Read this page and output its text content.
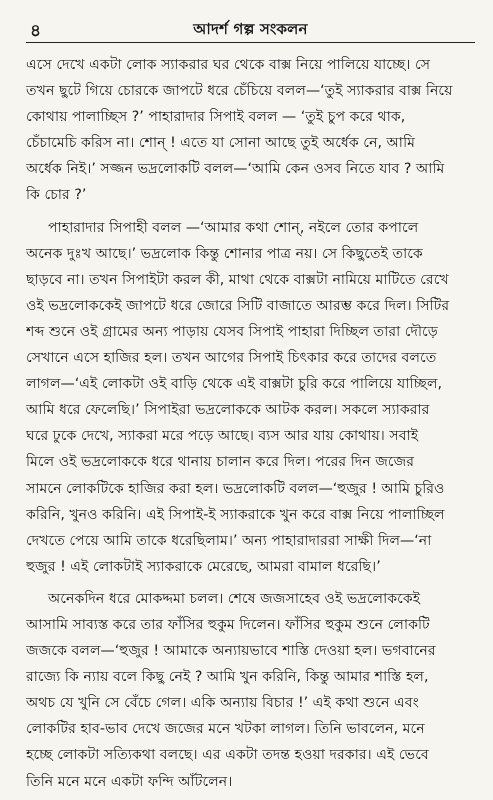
৪	আদর্শ গল্প সংকলন
এসে দেখে একটা লোক স্যাকরার ঘর থেকে বাক্স নিয়ে পালিয়ে যাচ্ছে। সে
তখন ছুটে গিয়ে চোরকে জাপটে ধরে চেঁচিয়ে বলল—‘তুই স্যাকরার বাক্স নিয়ে
কোথায় পালাচ্ছিস ?’ পাহারাদার সিপাই বলল — ‘তুই চুপ করে থাক,
চেঁচামেচি করিস না। শোন্ ! এতে যা সোনা আছে তুই অর্ধেক নে, আমি
অর্ধেক নিই।’ সজ্জন ভদ্রলোকটি বলল—‘আমি কেন ওসব নিতে যাব ? আমি
কি চোর ?’
পাহারাদার সিপাহী বলল —‘আমার কথা শোন্, নইলে তোর কপালে
অনেক দুঃখ আছে।’ ভদ্রলোক কিন্তু শোনার পাত্র নয়। সে কিছুতেই তাকে
ছাড়বে না। তখন সিপাইটা করল কী, মাথা থেকে বাক্সটা নামিয়ে মাটিতে রেখে
ওই ভদ্রলোককেই জাপটে ধরে জোরে সিটি বাজাতে আরম্ভ করে দিল। সিটির
শব্দ শুনে ওই গ্রামের অন্য পাড়ায় যেসব সিপাই পাহারা দিচ্ছিল তারা দৌড়ে
সেখানে এসে হাজির হল। তখন আগের সিপাই চিৎকার করে তাদের বলতে
লাগল—‘এই লোকটা ওই বাড়ি থেকে এই বাক্সটা চুরি করে পালিয়ে যাচ্ছিল,
আমি ধরে ফেলেছি।’ সিপাইরা ভদ্রলোককে আটক করল। সকলে স্যাকরার
ঘরে ঢুকে দেখে, স্যাকরা মরে পড়ে আছে। ব্যস আর যায় কোথায়। সবাই
মিলে ওই ভদ্রলোককে ধরে থানায় চালান করে দিল। পরের দিন জজের
সামনে লোকটিকে হাজির করা হল। ভদ্রলোকটি বলল—‘হুজুর ! আমি চুরিও
করিনি, খুনও করিনি। এই সিপাই-ই স্যাকরাকে খুন করে বাক্স নিয়ে পালাচ্ছিল
দেখতে পেয়ে আমি তাকে ধরেছিলাম।’ অন্য পাহারাদাররা সাক্ষী দিল—‘না
হুজুর ! এই লোকটাই স্যাকরাকে মেরেছে, আমরা বামাল ধরেছি।’
অনেকদিন ধরে মোকদ্দমা চলল। শেষে জজসাহেব ওই ভদ্রলোককেই
আসামি সাব্যস্ত করে তার ফাঁসির হুকুম দিলেন। ফাঁসির হুকুম শুনে লোকটি
জজকে বলল—‘হুজুর ! আমাকে অন্যায়ভাবে শাস্তি দেওয়া হল। ভগবানের
রাজ্যে কি ন্যায় বলে কিছু নেই ? আমি খুন করিনি, কিন্তু আমার শাস্তি হল,
অথচ যে খুনি সে বেঁচে গেল। একি অন্যায় বিচার !’ এই কথা শুনে এবং
লোকটির হাব-ভাব দেখে জজের মনে খটকা লাগল। তিনি ভাবলেন, মনে
হচ্ছে লোকটা সত্যিকথা বলছে। এর একটা তদন্ত হওয়া দরকার। এই ভেবে
তিনি মনে মনে একটা ফন্দি আঁটলেন।
